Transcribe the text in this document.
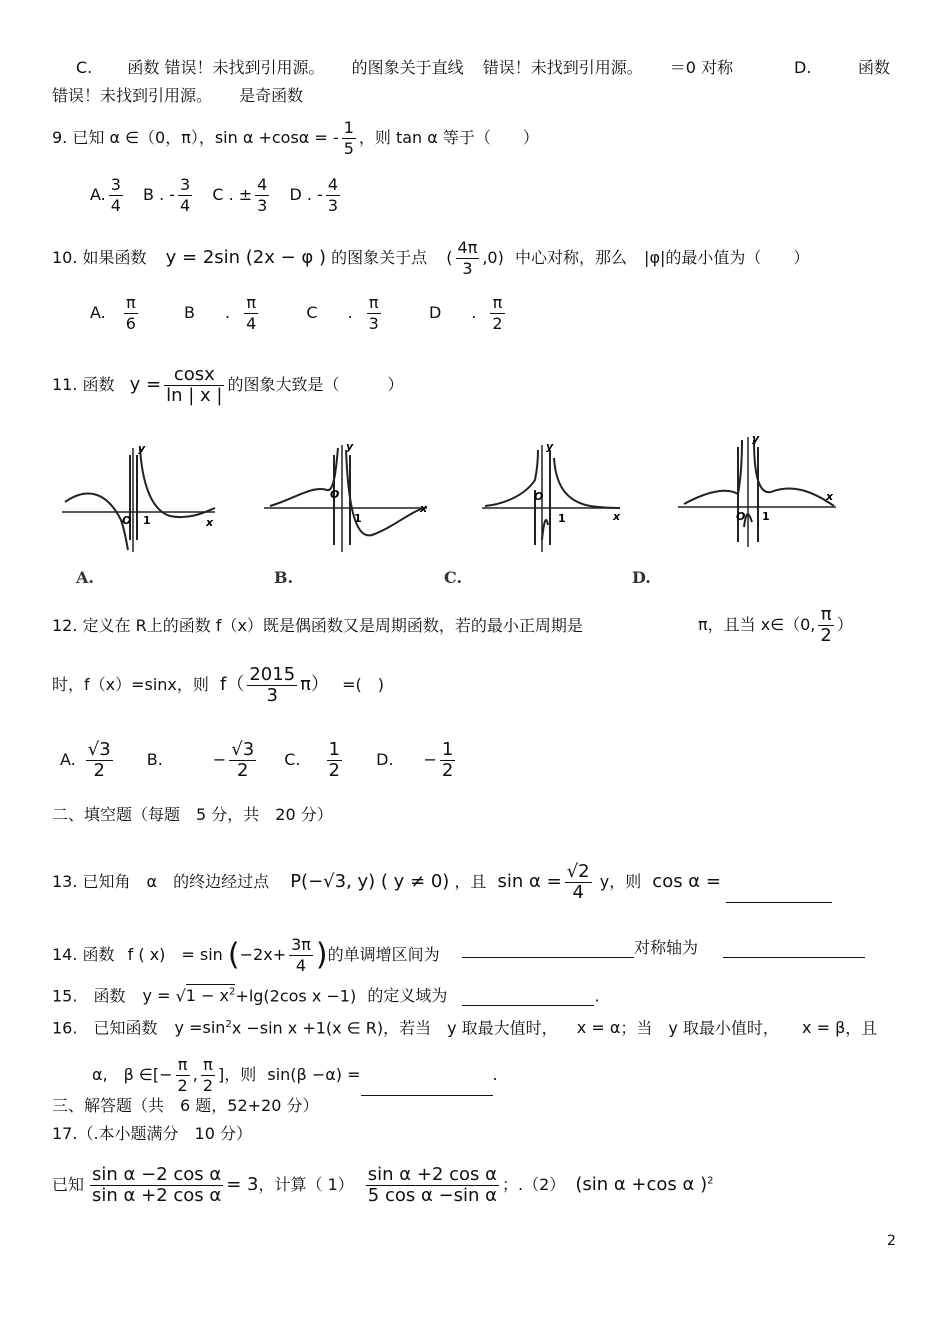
C. 函数 错误！未找到引用源。 的图象关于直线 错误！未找到引用源。 ＝0 对称	D.	函数
错误！未找到引用源。 是奇函数
9. 已知 α ∈（0，π），sin α +cosα = - $\frac{1}{5}$ ，则 tan α 等于（　　）
A. $\frac{3}{4}$ B . - $\frac{3}{4}$ C . ± $\frac{4}{3}$ D . - $\frac{4}{3}$
10. 如果函数 y = 2sin (2x − φ ) 的图象关于点 ( $\frac{4\pi}{3} ,0$) 中心对称，那么 |φ|的最小值为（　　）
A. $\frac{\pi}{6}$	B . $\frac{\pi}{4}$	C . $\frac{\pi}{3}$	D . $\frac{\pi}{2}$
11. 函数 $y = \frac{\cos x}{\ln | x |}$ 的图象大致是（　　　）
y
x
O 1
A.
y
x
O
1
B.
y
x
O
1
C.
y
x
O 1
D.
12. 定义在 R上的函数 f（x）既是偶函数又是周期函数，若的最小正周期是	π，且当 x∈（0, $\frac{\pi}{2}$ ）
时，f（x）=sinx，则 $f( \frac{2015}{3} \pi)$ =(　)
A. $\frac{√3}{2} B$.	− $\frac{√3}{2} C$. $\frac{1}{2} D$. − $\frac{1}{2}$
二、填空题（每题　5 分，共　20 分）
13. 已知角　α　的终边经过点 P(−√3, y) ( y ≠ 0) ，且 $\sin \alpha = \frac{√2}{4}$ y，则 cos α =
14. 函数 f ( x)　= $\sin (-2x+ \frac{3\pi}{4}$ )的单调增区间为	对称轴为
15.　函数 $y = √1 - x^2+\lg(2\cos$ x −1) 的定义域为	.
16.　已知函数 $y =\sin^2x -\sin$ x +1(x ∈ R)，若当　y 取最大值时， x = α；当　y 取最小值时， x = β，且
α,　β ∈[− $\frac{\pi}{2}$ , $\frac{\pi}{2}$ ]，则 sin(β −α) =	.
三、解答题（共　6 题，52+20 分）
17.（.本小题满分　10 分）
已知 $\frac{\text{sin α −2 cos α}}{\text{sin α +2 cos α}} = 3$，计算（ $1) \frac{\text{sin α +2 cos α}}{\text{5 cos α −sin α}}$ ；.（2） (sin α +cos α )$^2$
2
